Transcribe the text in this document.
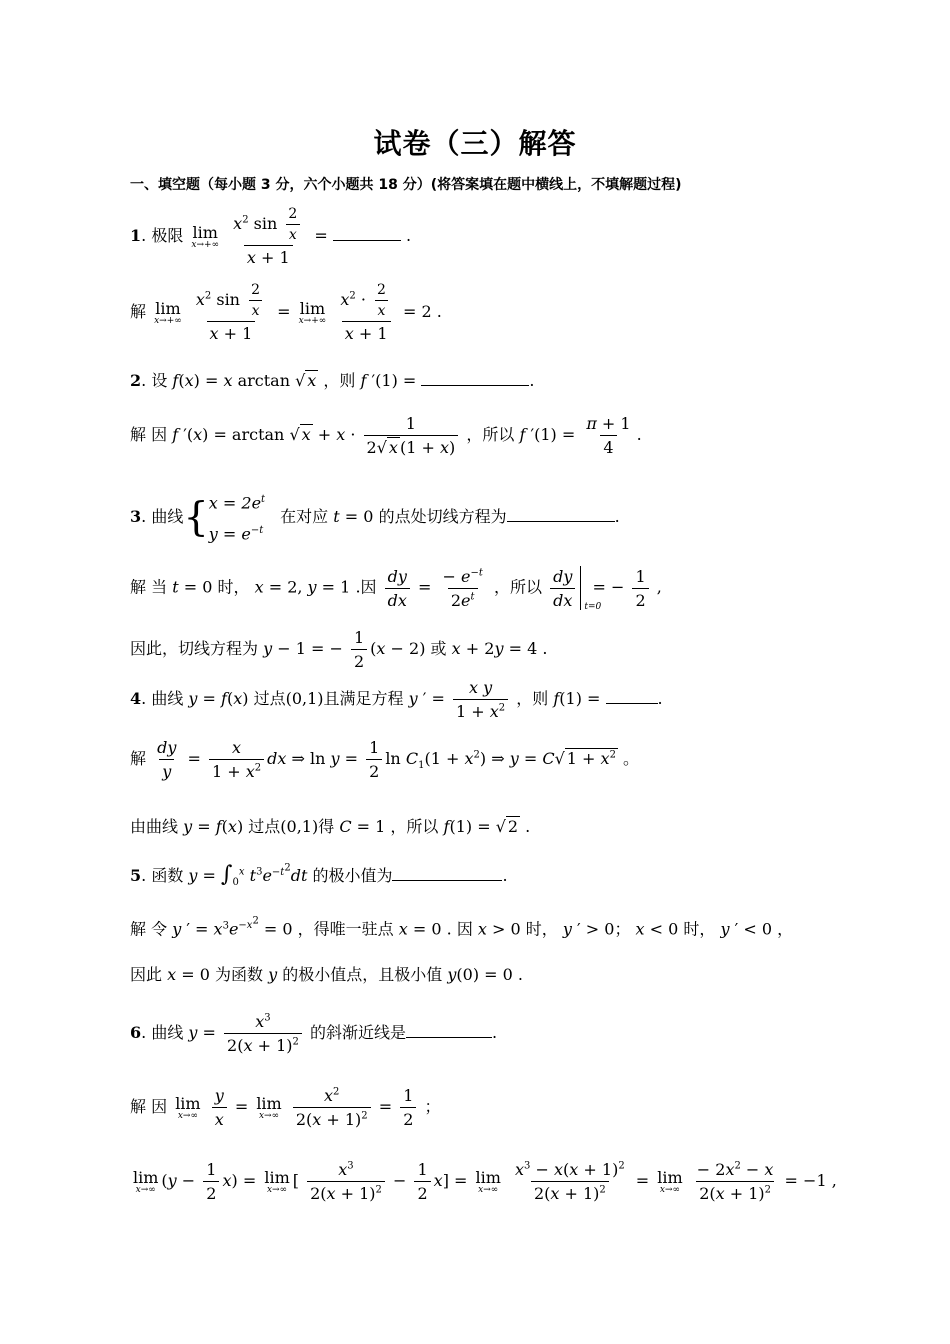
试卷（三）解答
一、填空题（每小题 3 分，六个小题共 18 分）(将答案填在题中横线上，不填解题过程)
1. 极限 lim
x→+∞
$\frac{x^2 \sin \frac{2}{x}}{x + 1}$ =	.
解 lim
x→+∞
$\frac{x^2 \sin \frac{2}{x}}{x + 1} = \lim$
x→+∞
$\frac{x^2 \cdot \frac{2}{x}}{x + 1} = 2$ .
2. 设 f(x) = x arctan √ x ，则 f ′(1) =	.
解 因 f ′(x) = arctan √ $x + x \cdot \frac{1}{2√ x (1 + x)}$ ，所以 f $'(1) = \frac{\pi + 1}{4}$ .
3. 曲线{ $x = 2e^t$
$y = e^{-t}$
在对应 t = 0 的点处切线方程为	.
解 当 t = 0 时， x = 2, y = 1 .因 $\frac{dy}{dx} = \frac{- e^{-t}}{2e^t}$ ，所以 $\frac{dy}{dx} t=0$
= − $\frac{1}{2}$ ,
因此，切线方程为 y − 1 = − $\frac{1}{2} (x - 2)$ 或 x + 2y = 4 .
4. 曲线 y = f(x) 过点(0,1)且满足方程 y ′ = $\frac{\text{x y}}{1 + x^2}$ ，则 f(1) =	.
解 $\frac{dy}{y} = \frac{x}{1 + x^2}$ dx ⇒ $\ln y = \frac{1}{2}$ $\ln C_1(1 + x^2)$ ⇒ y = C√ $1 + x^2$ 。
由曲线 y = f(x) 过点(0,1)得 C = 1 ，所以 f(1) = √ 2 .
5. 函数 $y = \int_0^x$ $t^3e^{-t^2}dt$ 的极小值为	.
解 令 y ′ = $x^3e^{-x^2} = 0$ ，得唯一驻点 x = 0 . 因 x > 0 时， y ′ > 0； x < 0 时， y ′ < 0 ，
因此 x = 0 为函数 y 的极小值点，且极小值 y(0) = 0 .
6. 曲线 $y = \frac{x^3}{2(x + 1)^2}$ 的斜渐近线是	.
解 因 lim
x→∞
$\frac{y}{x} = \lim$
x→∞
$\frac{x^2}{2(x + 1)^2} = \frac{1}{2}$ ；
lim
x→∞ $(y - \frac{1}{2} x) = \lim$
x→∞ [ $\frac{x^3}{2(x + 1)^2} - \frac{1}{2} x] = \lim$
x→∞
$\frac{x^3 - x(x + 1)^2}{2(x + 1)^2} = \lim$
x→∞
$\frac{- 2x^2 - x}{2(x + 1)^2} = -1$ ,
